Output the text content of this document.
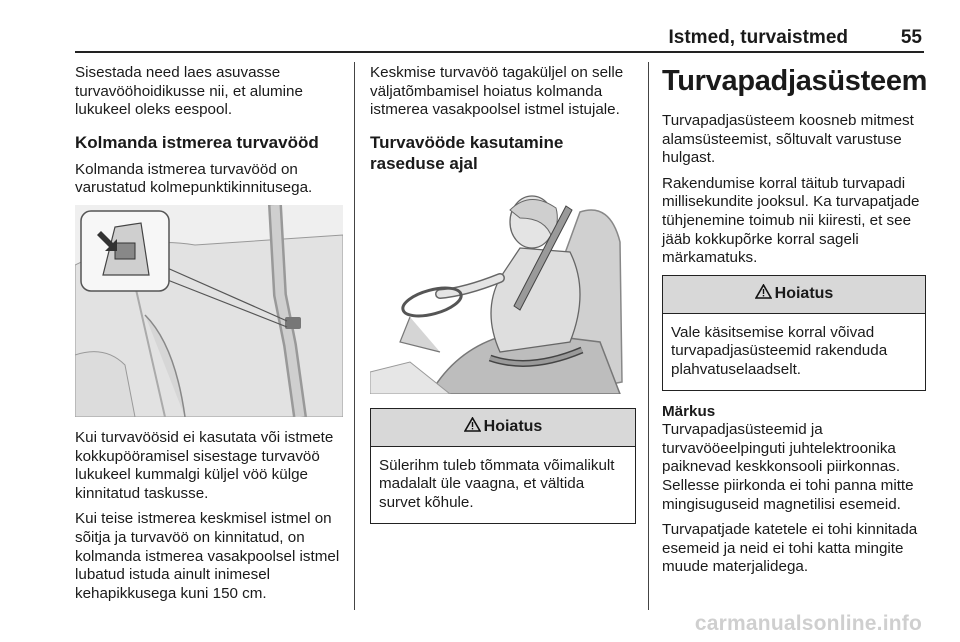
Istmed, turvaistmed	55

Sisestada need laes asuvasse turvavööhoidikusse nii, et alumine lukukeel oleks eespool.

Kolmanda istmerea turvavööd

Kolmanda istmerea turvavööd on varustatud kolmepunktikinnitusega.

Kui turvavöösid ei kasutata või istmete kokkupööramisel sisestage turvavöö lukukeel kummalgi küljel vöö külge kinnitatud taskusse.

Kui teise istmerea keskmisel istmel on sõitja ja turvavöö on kinnitatud, on kolmanda istmerea vasakpoolsel istmel lubatud istuda ainult inimesel kehapikkusega kuni 150 cm.

Keskmise turvavöö tagaküljel on selle väljatõmbamisel hoiatus kolmanda istmerea vasakpoolsel istmel istujale.

Turvavööde kasutamine raseduse ajal
Hoiatus
Sülerihm tuleb tõmmata võimalikult madalalt üle vaagna, et vältida survet kõhule.
Turvapadjasüsteem

Turvapadjasüsteem koosneb mitmest alamsüsteemist, sõltuvalt varustuse hulgast.

Rakendumise korral täitub turvapadi millisekundite jooksul. Ka turvapatjade tühjenemine toimub nii kiiresti, et see jääb kokkupõrke korral sageli märkamatuks.

Hoiatus
Vale käsitsemise korral võivad turvapadjasüsteemid rakenduda plahvatuselaadselt.
Märkus

Turvapadjasüsteemid ja turvavööeelpinguti juhtelektroonika paiknevad keskkonsooli piirkonnas. Sellesse piirkonda ei tohi panna mitte mingisuguseid magnetilisi esemeid.

Turvapatjade katetele ei tohi kinnitada esemeid ja neid ei tohi katta mingite muude materjalidega.

carmanualsonline.info
